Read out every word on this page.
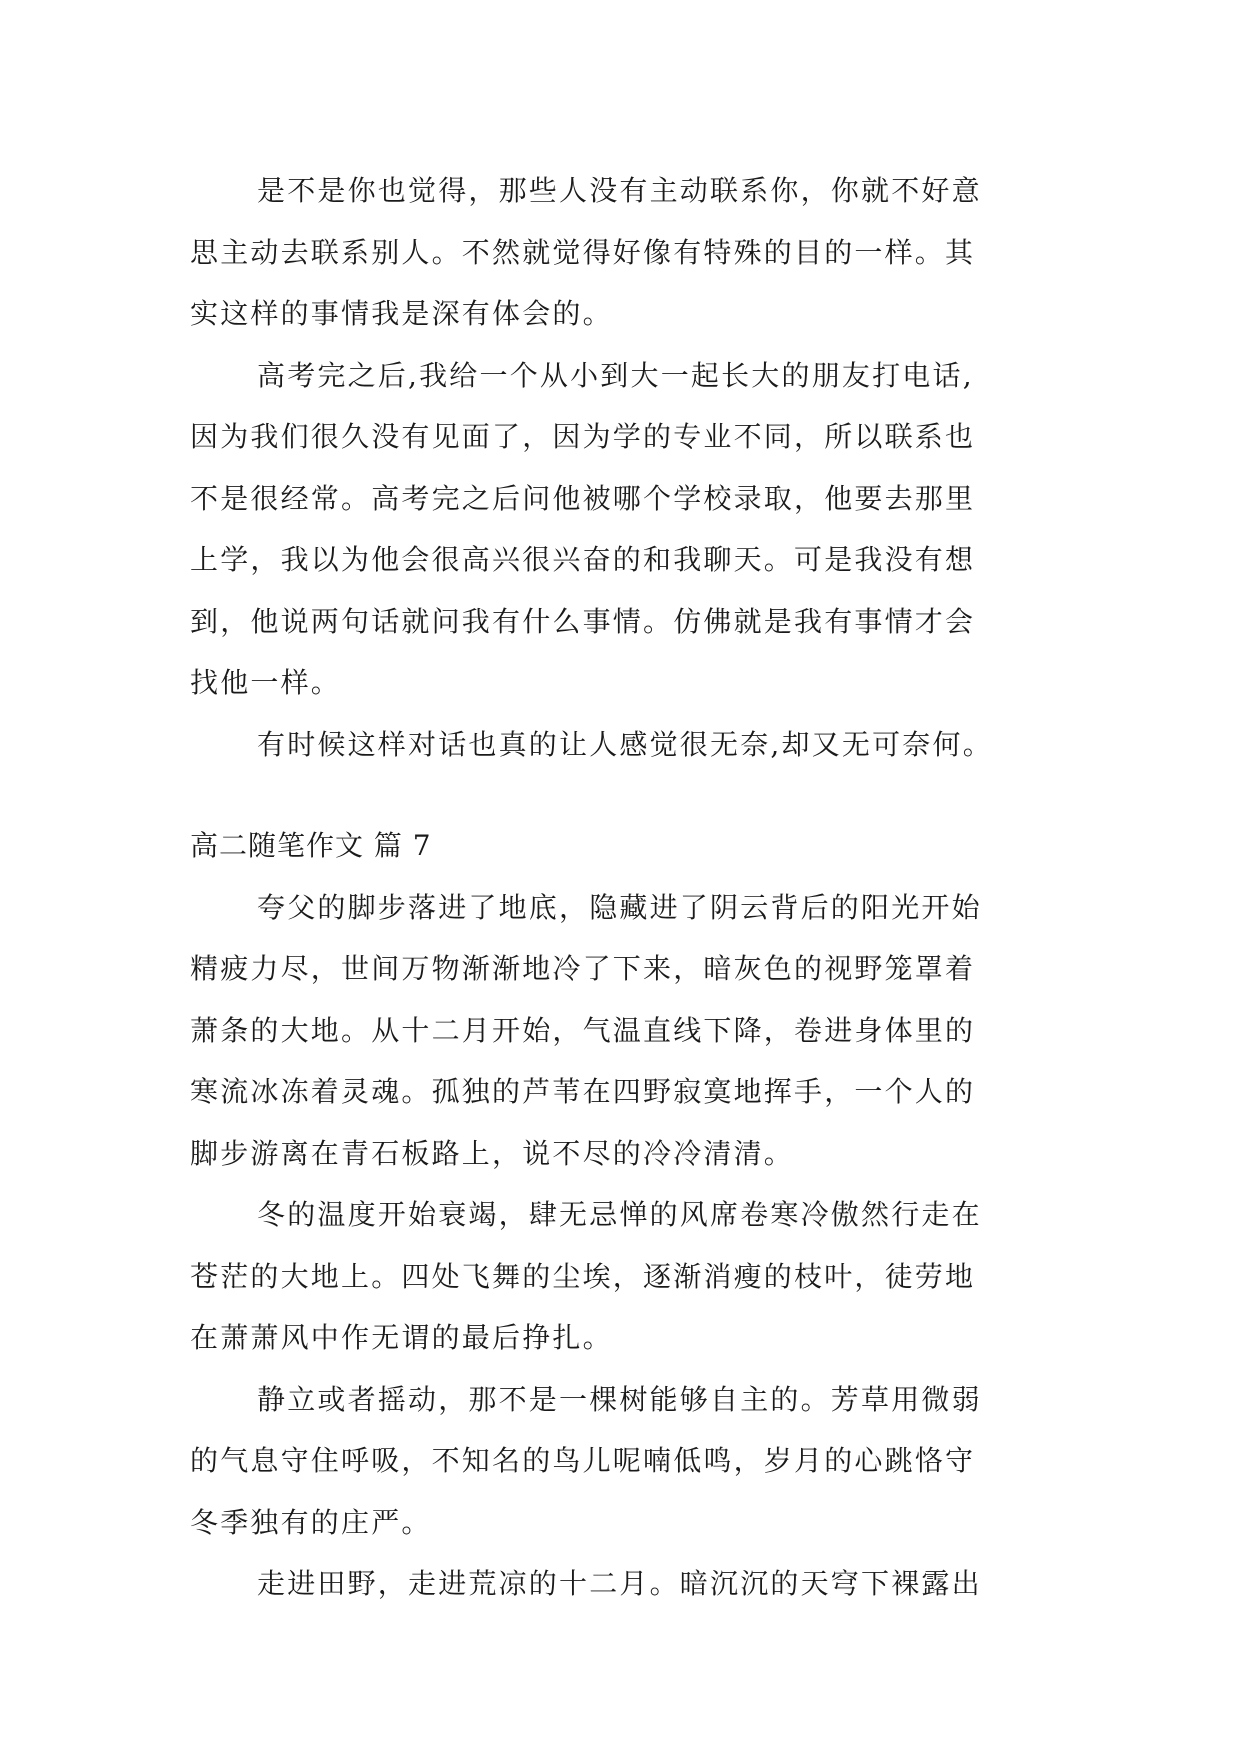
是不是你也觉得，那些人没有主动联系你，你就不好意
思主动去联系别人。不然就觉得好像有特殊的目的一样。其
实这样的事情我是深有体会的。
高考完之后,我给一个从小到大一起长大的朋友打电话,
因为我们很久没有见面了，因为学的专业不同，所以联系也
不是很经常。高考完之后问他被哪个学校录取，他要去那里
上学，我以为他会很高兴很兴奋的和我聊天。可是我没有想
到，他说两句话就问我有什么事情。仿佛就是我有事情才会
找他一样。
有时候这样对话也真的让人感觉很无奈,却又无可奈何。
高二随笔作文 篇 7
夸父的脚步落进了地底，隐藏进了阴云背后的阳光开始
精疲力尽，世间万物渐渐地冷了下来，暗灰色的视野笼罩着
萧条的大地。从十二月开始，气温直线下降，卷进身体里的
寒流冰冻着灵魂。孤独的芦苇在四野寂寞地挥手，一个人的
脚步游离在青石板路上，说不尽的冷冷清清。
冬的温度开始衰竭，肆无忌惮的风席卷寒冷傲然行走在
苍茫的大地上。四处飞舞的尘埃，逐渐消瘦的枝叶，徒劳地
在萧萧风中作无谓的最后挣扎。
静立或者摇动，那不是一棵树能够自主的。芳草用微弱
的气息守住呼吸，不知名的鸟儿呢喃低鸣，岁月的心跳恪守
冬季独有的庄严。
走进田野，走进荒凉的十二月。暗沉沉的天穹下裸露出
